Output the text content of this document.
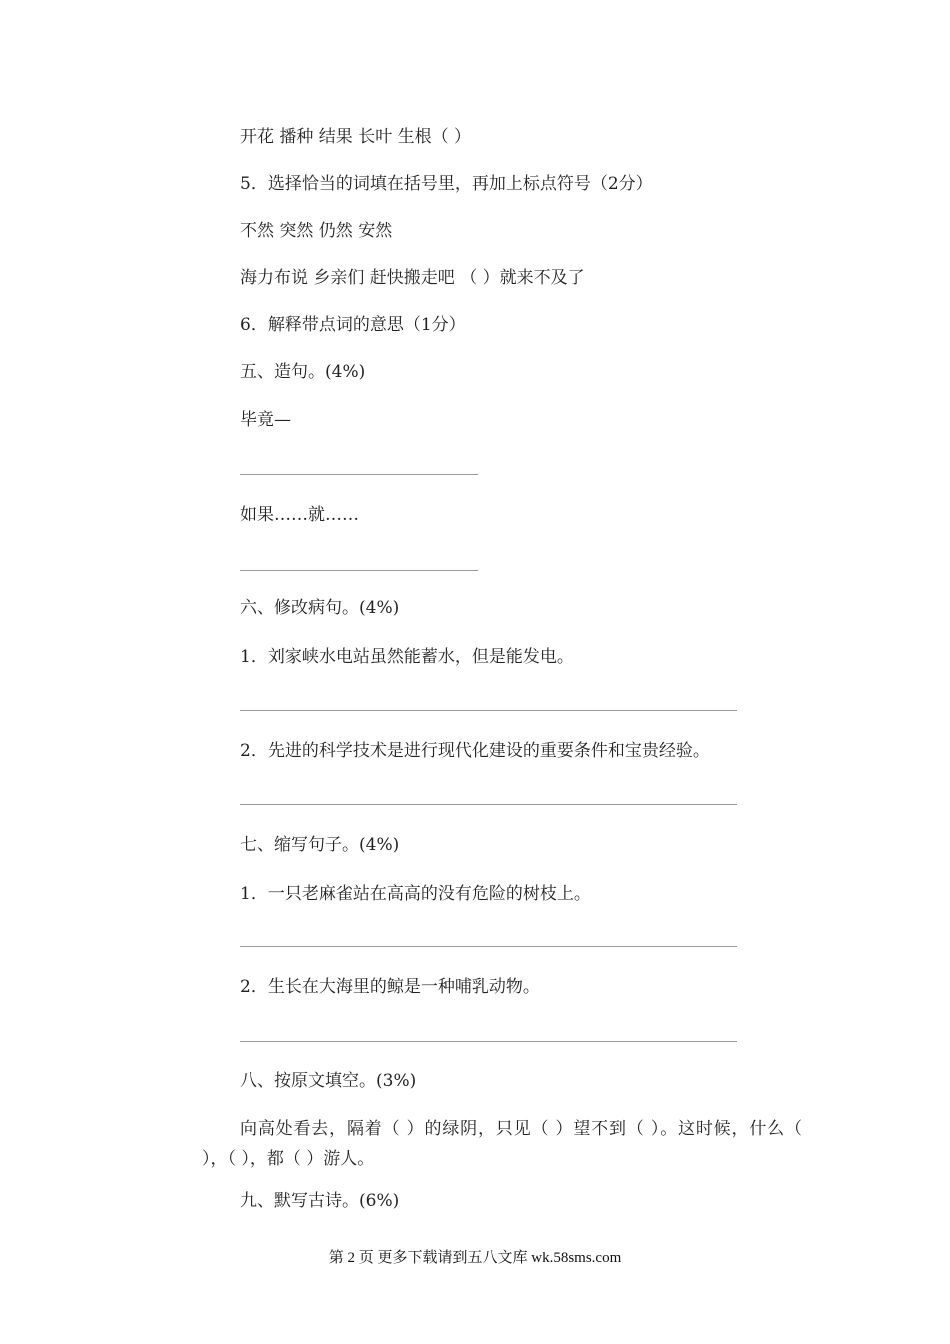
开花 播种 结果 长叶 生根（ ）
5．选择恰当的词填在括号里，再加上标点符号（2分）
不然 突然 仍然 安然
海力布说 乡亲们 赶快搬走吧 （ ）就来不及了
6．解释带点词的意思（1分）
五、造句。(4%)
毕竟—
如果……就……
六、修改病句。(4%)
1．刘家峡水电站虽然能蓄水，但是能发电。
2．先进的科学技术是进行现代化建设的重要条件和宝贵经验。
七、缩写句子。(4%)
1．一只老麻雀站在高高的没有危险的树枝上。
2．生长在大海里的鲸是一种哺乳动物。
八、按原文填空。(3%)
向高处看去，隔着（ ）的绿阴，只见（ ）望不到（ ）。这时候，什么（ ），（ ），都（ ）游人。
九、默写古诗。(6%)
第 2 页 更多下载请到五八文库 wk.58sms.com
